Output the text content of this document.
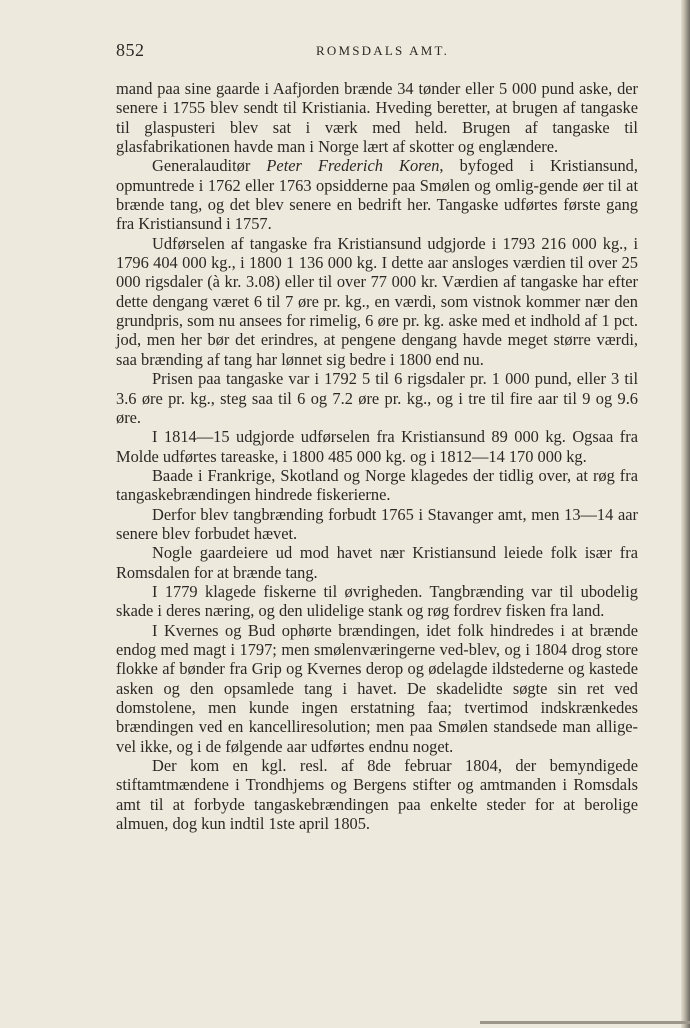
852	ROMSDALS AMT.

mand paa sine gaarde i Aafjorden brænde 34 tønder eller 5 000 pund aske, der senere i 1755 blev sendt til Kristiania. Hveding beretter, at brugen af tangaske til glaspusteri blev sat i værk med held. Brugen af tangaske til glasfabrikationen havde man i Norge lært af skotter og englændere.

Generalauditør Peter Frederich Koren, byfoged i Kristiansund, opmuntrede i 1762 eller 1763 opsidderne paa Smølen og omlig-gende øer til at brænde tang, og det blev senere en bedrift her. Tangaske udførtes første gang fra Kristiansund i 1757.

Udførselen af tangaske fra Kristiansund udgjorde i 1793 216 000 kg., i 1796 404 000 kg., i 1800 1 136 000 kg. I dette aar ansloges værdien til over 25 000 rigsdaler (à kr. 3.08) eller til over 77 000 kr. Værdien af tangaske har efter dette dengang været 6 til 7 øre pr. kg., en værdi, som vistnok kommer nær den grundpris, som nu ansees for rimelig, 6 øre pr. kg. aske med et indhold af 1 pct. jod, men her bør det erindres, at pengene dengang havde meget større værdi, saa brænding af tang har lønnet sig bedre i 1800 end nu.

Prisen paa tangaske var i 1792 5 til 6 rigsdaler pr. 1 000 pund, eller 3 til 3.6 øre pr. kg., steg saa til 6 og 7.2 øre pr. kg., og i tre til fire aar til 9 og 9.6 øre.

I 1814—15 udgjorde udførselen fra Kristiansund 89 000 kg. Ogsaa fra Molde udførtes tareaske, i 1800 485 000 kg. og i 1812—14 170 000 kg.

Baade i Frankrige, Skotland og Norge klagedes der tidlig over, at røg fra tangaskebrændingen hindrede fiskerierne.

Derfor blev tangbrænding forbudt 1765 i Stavanger amt, men 13—14 aar senere blev forbudet hævet.

Nogle gaardeiere ud mod havet nær Kristiansund leiede folk især fra Romsdalen for at brænde tang.

I 1779 klagede fiskerne til øvrigheden. Tangbrænding var til ubodelig skade i deres næring, og den ulidelige stank og røg fordrev fisken fra land.

I Kvernes og Bud ophørte brændingen, idet folk hindredes i at brænde endog med magt i 1797; men smølenværingerne ved-blev, og i 1804 drog store flokke af bønder fra Grip og Kvernes derop og ødelagde ildstederne og kastede asken og den opsamlede tang i havet. De skadelidte søgte sin ret ved domstolene, men kunde ingen erstatning faa; tvertimod indskrænkedes brændingen ved en kancelliresolution; men paa Smølen standsede man allige-vel ikke, og i de følgende aar udførtes endnu noget.

Der kom en kgl. resl. af 8de februar 1804, der bemyndigede stiftamtmændene i Trondhjems og Bergens stifter og amtmanden i Romsdals amt til at forbyde tangaskebrændingen paa enkelte steder for at berolige almuen, dog kun indtil 1ste april 1805.
